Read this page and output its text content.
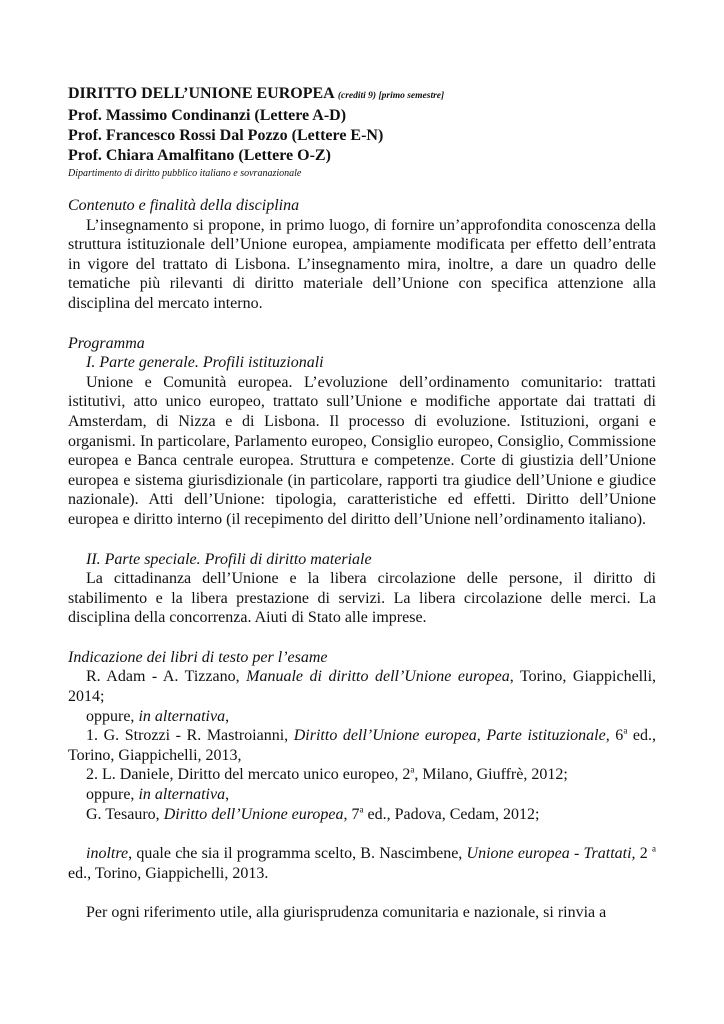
DIRITTO DELL’UNIONE EUROPEA (crediti 9) [primo semestre]
Prof. Massimo Condinanzi (Lettere A-D)
Prof. Francesco Rossi Dal Pozzo (Lettere E-N)
Prof. Chiara Amalfitano (Lettere O-Z)
Dipartimento di diritto pubblico italiano e sovranazionale
Contenuto e finalità della disciplina

L’insegnamento si propone, in primo luogo, di fornire un’approfondita conoscenza della struttura istituzionale dell’Unione europea, ampiamente modificata per effetto dell’entrata in vigore del trattato di Lisbona. L’insegnamento mira, inoltre, a dare un quadro delle tematiche più rilevanti di diritto materiale dell’Unione con specifica attenzione alla disciplina del mercato interno.

Programma
I. Parte generale. Profili istituzionali

Unione e Comunità europea. L’evoluzione dell’ordinamento comunitario: trattati istitutivi, atto unico europeo, trattato sull’Unione e modifiche apportate dai trattati di Amsterdam, di Nizza e di Lisbona. Il processo di evoluzione. Istituzioni, organi e organismi. In particolare, Parlamento europeo, Consiglio europeo, Consiglio, Commissione europea e Banca centrale europea. Struttura e competenze. Corte di giustizia dell’Unione europea e sistema giurisdizionale (in particolare, rapporti tra giudice dell’Unione e giudice nazionale). Atti dell’Unione: tipologia, caratteristiche ed effetti. Diritto dell’Unione europea e diritto interno (il recepimento del diritto dell’Unione nell’ordinamento italiano).

II. Parte speciale. Profili di diritto materiale

La cittadinanza dell’Unione e la libera circolazione delle persone, il diritto di stabilimento e la libera prestazione di servizi. La libera circolazione delle merci. La disciplina della concorrenza. Aiuti di Stato alle imprese.

Indicazione dei libri di testo per l’esame

R. Adam - A. Tizzano, Manuale di diritto dell’Unione europea, Torino, Giappichelli, 2014;

oppure, in alternativa,

1. G. Strozzi - R. Mastroianni, Diritto dell’Unione europea, Parte istituzionale, 6$^a$ ed., Torino, Giappichelli, 2013,

2. L. Daniele, Diritto del mercato unico europeo, 2$^a$, Milano, Giuffrè, 2012;
oppure, in alternativa,
G. Tesauro, Diritto dell’Unione europea, 7$^a$ ed., Padova, Cedam, 2012;

inoltre, quale che sia il programma scelto, B. Nascimbene, Unione europea - Trattati, 2 $^a$ ed., Torino, Giappichelli, 2013.

Per ogni riferimento utile, alla giurisprudenza comunitaria e nazionale, si rinvia a
